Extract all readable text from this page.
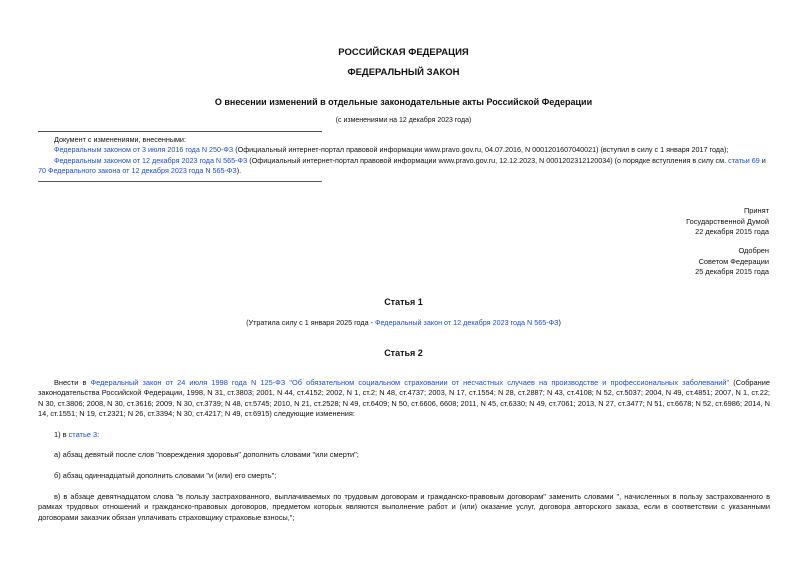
РОССИЙСКАЯ ФЕДЕРАЦИЯ
ФЕДЕРАЛЬНЫЙ ЗАКОН
О внесении изменений в отдельные законодательные акты Российской Федерации
(с изменениями на 12 декабря 2023 года)

Документ с изменениями, внесенными:

Федеральным законом от 3 июля 2016 года N 250-ФЗ (Официальный интернет-портал правовой информации www.pravo.gov.ru, 04.07.2016, N 0001201607040021) (вступил в силу с 1 января 2017 года);

Федеральным законом от 12 декабря 2023 года N 565-ФЗ (Официальный интернет-портал правовой информации www.pravo.gov.ru, 12.12.2023, N 0001202312120034) (о порядке вступления в силу см. статьи 69 и 70 Федерального закона от 12 декабря 2023 года N 565-ФЗ).

Принят
Государственной Думой
22 декабря 2015 года
Одобрен
Советом Федерации
25 декабря 2015 года
Статья 1
(Утратила силу с 1 января 2025 года - Федеральный закон от 12 декабря 2023 года N 565-ФЗ)
Статья 2

Внести в Федеральный закон от 24 июля 1998 года N 125-ФЗ "Об обязательном социальном страховании от несчастных случаев на производстве и профессиональных заболеваний" (Собрание законодательства Российской Федерации, 1998, N 31, ст.3803; 2001, N 44, ст.4152; 2002, N 1, ст.2; N 48, ст.4737; 2003, N 17, ст.1554; N 28, ст.2887; N 43, ст.4108; N 52, ст.5037; 2004, N 49, ст.4851; 2007, N 1, ст.22; N 30, ст.3806; 2008, N 30, ст.3616; 2009, N 30, ст.3739; N 48, ст.5745; 2010, N 21, ст.2528; N 49, ст.6409; N 50, ст.6606, 6608; 2011, N 45, ст.6330; N 49, ст.7061; 2013, N 27, ст.3477; N 51, ст.6678; N 52, ст.6986; 2014, N 14, ст.1551; N 19, ст.2321; N 26, ст.3394; N 30, ст.4217; N 49, ст.6915) следующие изменения:

1) в статье 3:

а) абзац девятый после слов "повреждения здоровья" дополнить словами "или смерти";

б) абзац одиннадцатый дополнить словами "и (или) его смерть";

в) в абзаце девятнадцатом слова "в пользу застрахованного, выплачиваемых по трудовым договорам и гражданско-правовым договорам" заменить словами ", начисленных в пользу застрахованного в рамках трудовых отношений и гражданско-правовых договоров, предметом которых являются выполнение работ и (или) оказание услуг, договора авторского заказа, если в соответствии с указанными договорами заказчик обязан уплачивать страховщику страховые взносы,";
